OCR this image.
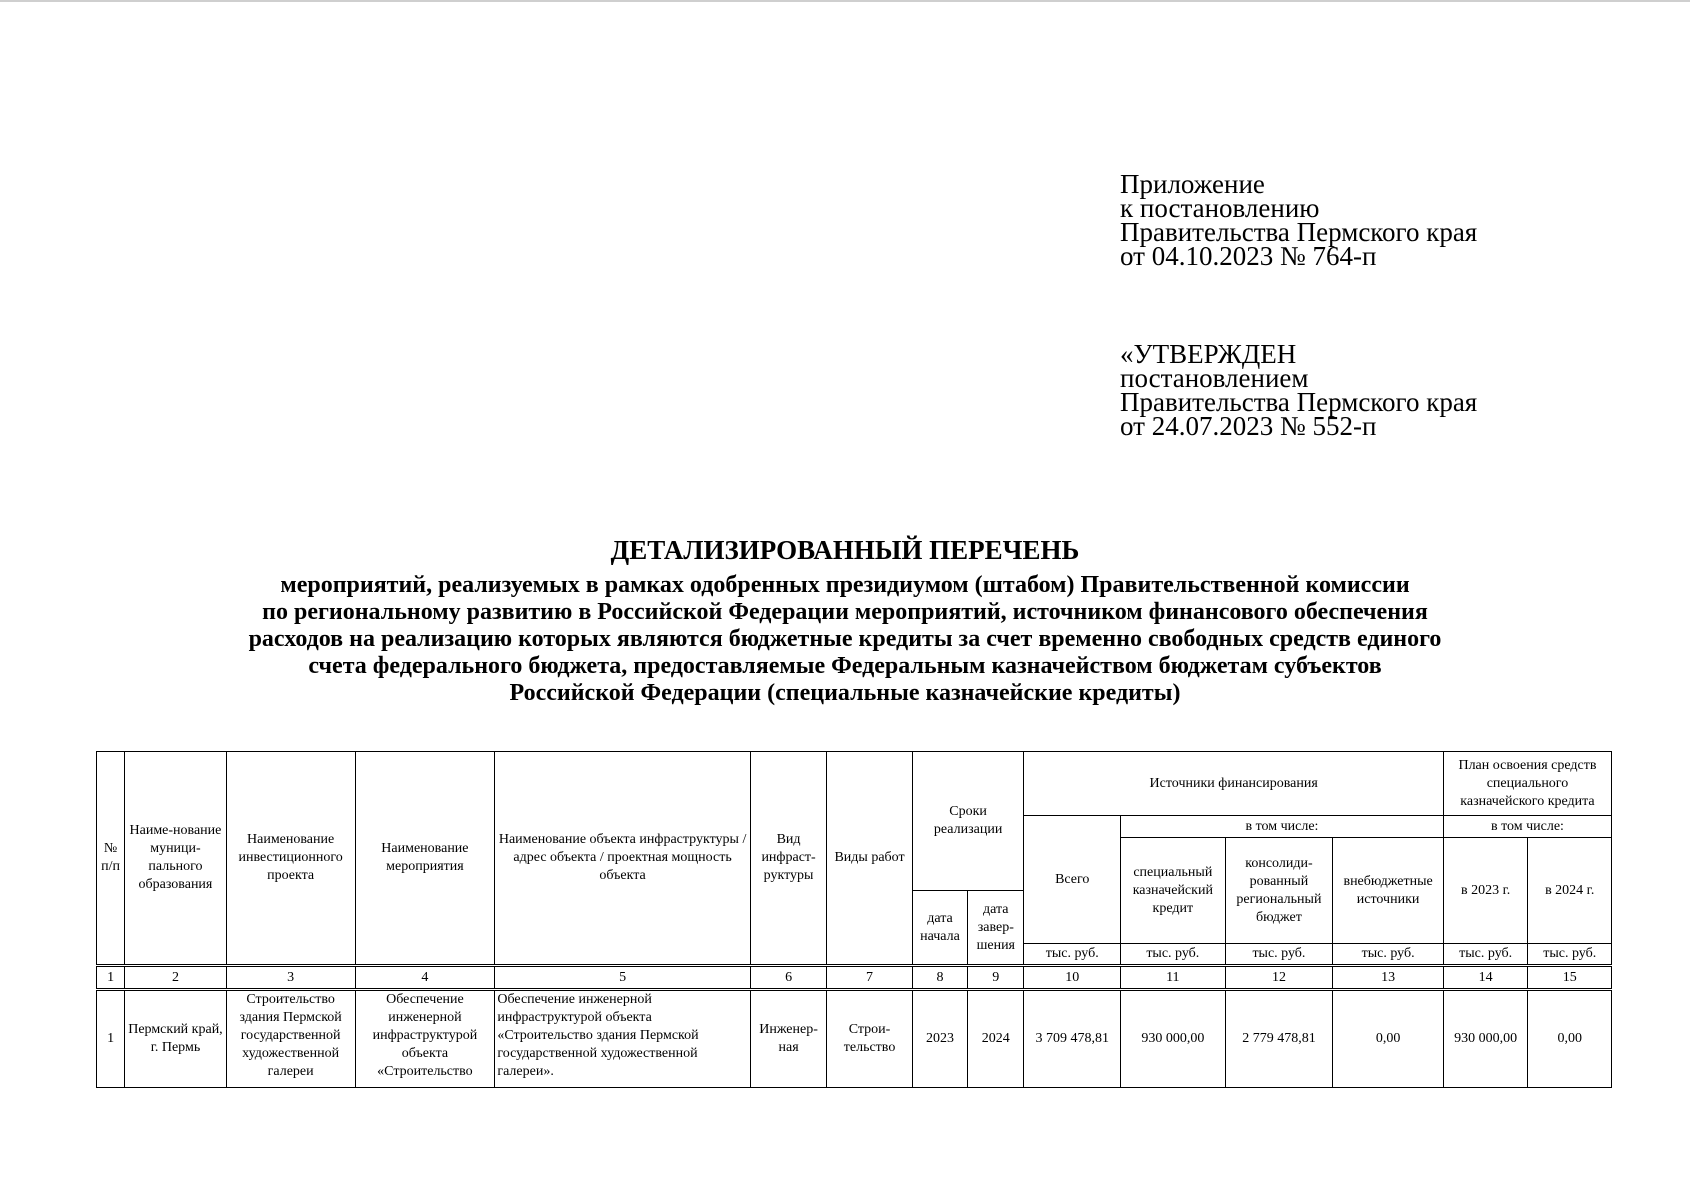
Приложение
к постановлению
Правительства Пермского края
от 04.10.2023 № 764-п
«УТВЕРЖДЕН
постановлением
Правительства Пермского края
от 24.07.2023 № 552-п
ДЕТАЛИЗИРОВАННЫЙ ПЕРЕЧЕНЬ
мероприятий, реализуемых в рамках одобренных президиумом (штабом) Правительственной комиссии
по региональному развитию в Российской Федерации мероприятий, источником финансового обеспечения
расходов на реализацию которых являются бюджетные кредиты за счет временно свободных средств единого
счета федерального бюджета, предоставляемые Федеральным казначейством бюджетам субъектов
Российской Федерации (специальные казначейские кредиты)
№ п/п	Наиме-нование муници-пального образования	Наименование инвестиционного проекта	Наименование мероприятия	Наименование объекта инфраструктуры / адрес объекта / проектная мощность объекта	Вид инфраст-руктуры	Виды работ	Сроки реализации		Источники финансирования				План освоения средств специального казначейского кредита	
									Всего	в том числе:			в том числе:	
										специальный казначейский кредит	консолиди-рованный региональный бюджет	внебюджетные источники	в 2023 г.	в 2024 г.
							дата начала	дата завер-шения						
									тыс. руб.	тыс. руб.	тыс. руб.	тыс. руб.	тыс. руб.	тыс. руб.
1	2	3	4	5	6	7	8	9	10	11	12	13	14	15
1	Пермский край, г. Пермь	Строительство здания Пермской государственной художественной галереи	Обеспечение инженерной инфраструктурой объекта «Строительство	Обеспечение инженерной инфраструктурой объекта «Строительство здания Пермской государственной художественной галереи».	Инженер-ная	Строи-тельство	2023	2024	3 709 478,81	930 000,00	2 779 478,81	0,00	930 000,00	0,00
